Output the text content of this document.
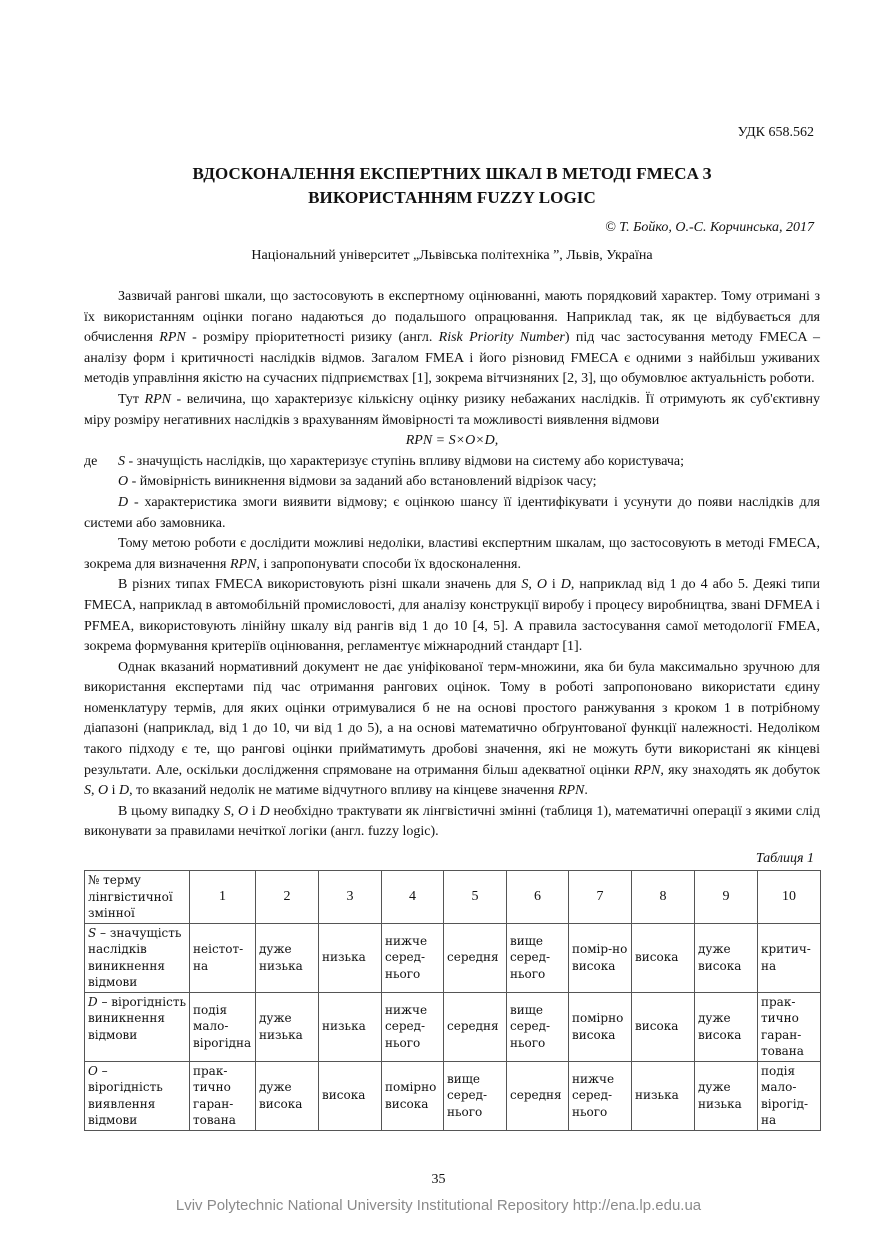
УДК 658.562
ВДОСКОНАЛЕННЯ ЕКСПЕРТНИХ ШКАЛ В МЕТОДІ FMECA З
ВИКОРИСТАННЯМ FUZZY LOGIC
© Т. Бойко, О.-С. Корчинська, 2017
Національний університет „Львівська політехніка ”, Львів, Україна

Зазвичай рангові шкали, що застосовують в експертному оцінюванні, мають порядковий характер. Тому отримані з їх використанням оцінки погано надаються до подальшого опрацювання. Наприклад так, як це відбувається для обчислення RPN - розміру пріоритетності ризику (англ. Risk Priority Number) під час застосування методу FMECA – аналізу форм і критичності наслідків відмов. Загалом FMEA і його різновид FMECA є одними з найбільш уживаних методів управління якістю на сучасних підприємствах [1], зокрема вітчизняних [2, 3], що обумовлює актуальність роботи.

Тут RPN - величина, що характеризує кількісну оцінку ризику небажаних наслідків. Її отримують як суб'єктивну міру розміру негативних наслідків з врахуванням ймовірності та можливості виявлення відмови

RPN = S×O×D,

де	S - значущість наслідків, що характеризує ступінь впливу відмови на систему або користувача;

O - ймовірність виникнення відмови за заданий або встановлений відрізок часу;

D - характеристика змоги виявити відмову; є оцінкою шансу її ідентифікувати і усунути до появи наслідків для системи або замовника.

Тому метою роботи є дослідити можливі недоліки, властиві експертним шкалам, що застосовують в методі FMECA, зокрема для визначення RPN, і запропонувати способи їх вдосконалення.

В різних типах FMECA використовують різні шкали значень для S, O і D, наприклад від 1 до 4 або 5. Деякі типи FMECA, наприклад в автомобільній промисловості, для аналізу конструкції виробу і процесу виробництва, звані DFMEA і PFMEA, використовують лінійну шкалу від рангів від 1 до 10 [4, 5]. А правила застосування самої методології FMEA, зокрема формування критеріїв оцінювання, регламентує міжнародний стандарт [1].

Однак вказаний нормативний документ не дає уніфікованої терм-множини, яка би була максимально зручною для використання експертами під час отримання рангових оцінок. Тому в роботі запропоновано використати єдину номенклатуру термів, для яких оцінки отримувалися б не на основі простого ранжування з кроком 1 в потрібному діапазоні (наприклад, від 1 до 10, чи від 1 до 5), а на основі математично обґрунтованої функції належності. Недоліком такого підходу є те, що рангові оцінки прийматимуть дробові значення, які не можуть бути використані як кінцеві результати. Але, оскільки дослідження спрямоване на отримання більш адекватної оцінки RPN, яку знаходять як добуток S, O і D, то вказаний недолік не матиме відчутного впливу на кінцеве значення RPN.

В цьому випадку S, O і D необхідно трактувати як лінгвістичні змінні (таблиця 1), математичні операції з якими слід виконувати за правилами нечіткої логіки (англ. fuzzy logic).

Таблиця 1
№ терму лінгвістичної змінної	1	2	3	4	5	6	7	8	9	10
S – значущість наслідків виникнення відмови	неістот-на	дуже низька	низька	нижче серед-нього	середня	вище серед-нього	помір-но висока	висока	дуже висока	критич-на
D – вірогідність виникнення відмови	подія мало-вірогідна	дуже низька	низька	нижче серед-нього	середня	вище серед-нього	помірно висока	висока	дуже висока	прак-тично гаран-тована
O – вірогідність виявлення відмови	прак-тично гаран-тована	дуже висока	висока	помірно висока	вище серед-нього	середня	нижче серед-нього	низька	дуже низька	подія мало-вірогід-на
35
Lviv Polytechnic National University Institutional Repository http://ena.lp.edu.ua
